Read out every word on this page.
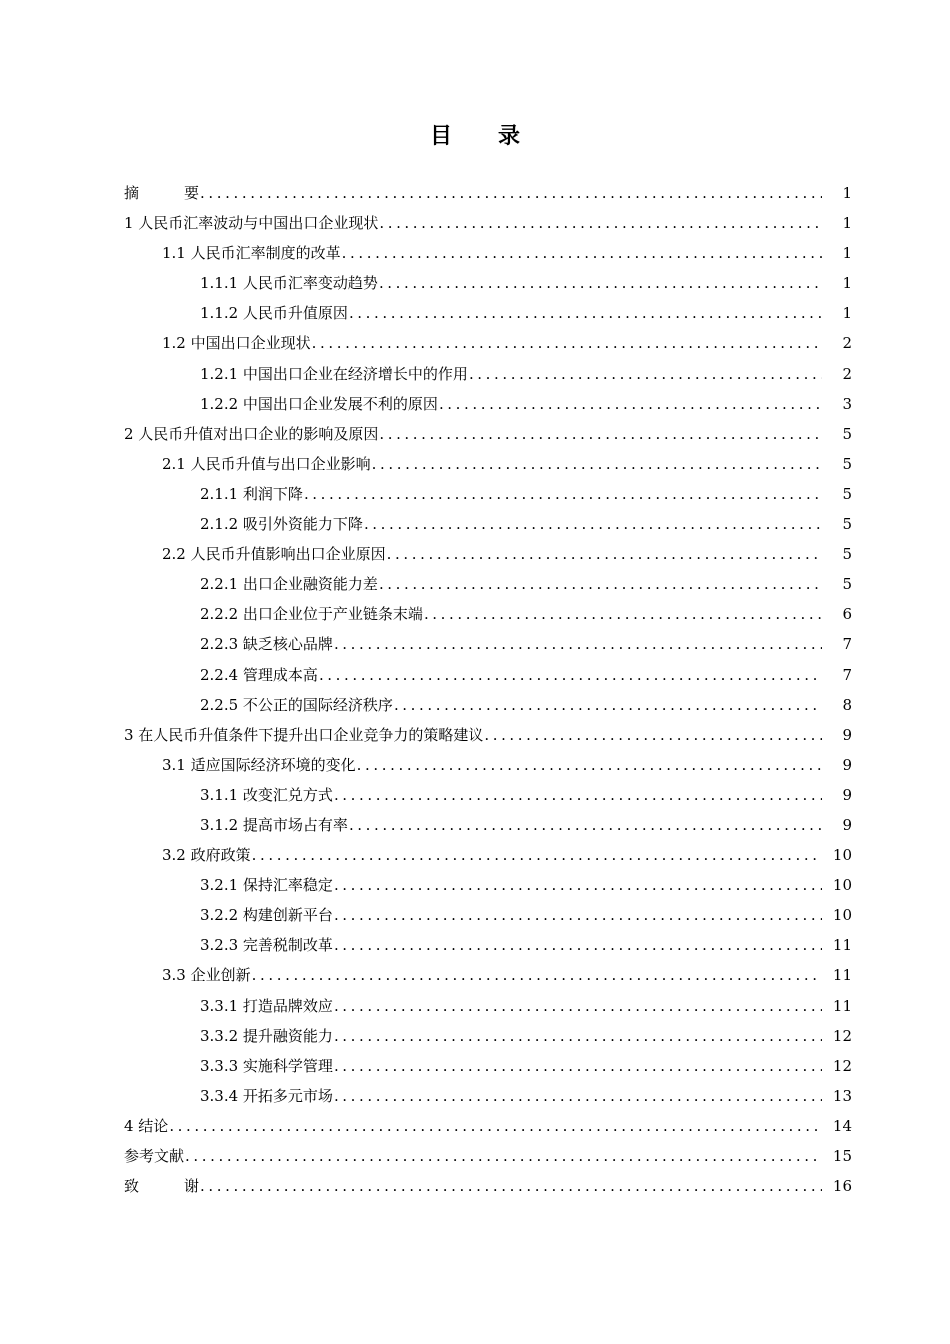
目 录
摘	要 .....	1
1 人民币汇率波动与中国出口企业现状 .....	1
1.1 人民币汇率制度的改革 .....	1
1.1.1 人民币汇率变动趋势 .....	1
1.1.2 人民币升值原因 .....	1
1.2 中国出口企业现状 .....	2
1.2.1 中国出口企业在经济增长中的作用 .....	2
1.2.2 中国出口企业发展不利的原因 .....	3
2 人民币升值对出口企业的影响及原因 .....	5
2.1 人民币升值与出口企业影响 .....	5
2.1.1 利润下降 .....	5
2.1.2 吸引外资能力下降 .....	5
2.2 人民币升值影响出口企业原因 .....	5
2.2.1 出口企业融资能力差 .....	5
2.2.2 出口企业位于产业链条末端 .....	6
2.2.3 缺乏核心品牌 .....	7
2.2.4 管理成本高 .....	7
2.2.5 不公正的国际经济秩序 .....	8
3 在人民币升值条件下提升出口企业竞争力的策略建议 .....	9
3.1 适应国际经济环境的变化 .....	9
3.1.1 改变汇兑方式 .....	9
3.1.2 提高市场占有率 .....	9
3.2 政府政策 .....	10
3.2.1 保持汇率稳定 .....	10
3.2.2 构建创新平台 .....	10
3.2.3 完善税制改革 .....	11
3.3 企业创新 .....	11
3.3.1 打造品牌效应 .....	11
3.3.2 提升融资能力 .....	12
3.3.3 实施科学管理 .....	12
3.3.4 开拓多元市场 .....	13
4 结论 .....	14
参考文献 .....	15
致	谢 .....	16
